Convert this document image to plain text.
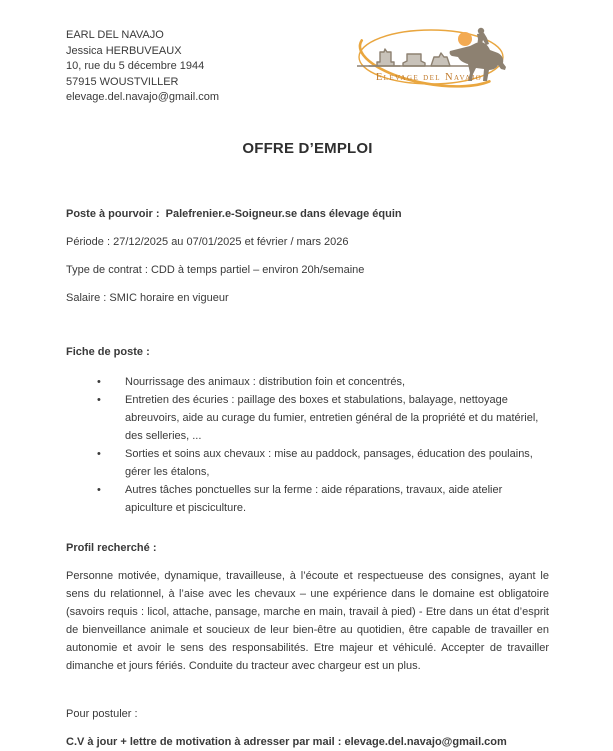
EARL DEL NAVAJO
Jessica HERBUVEAUX
10, rue du 5 décembre 1944
57915 WOUSTVILLER
elevage.del.navajo@gmail.com
Elevage del Navajo
OFFRE D’EMPLOI

Poste à pourvoir :  Palefrenier.e-Soigneur.se dans élevage équin

Période : 27/12/2025 au 07/01/2025 et février / mars 2026

Type de contrat : CDD à temps partiel – environ 20h/semaine

Salaire : SMIC horaire en vigueur

Fiche de poste :
• Nourrissage des animaux : distribution foin et concentrés,
• Entretien des écuries : paillage des boxes et stabulations, balayage, nettoyage abreuvoirs, aide au curage du fumier, entretien général de la propriété et du matériel, des selleries, ...
• Sorties et soins aux chevaux : mise au paddock, pansages, éducation des poulains, gérer les étalons,
• Autres tâches ponctuelles sur la ferme : aide réparations, travaux, aide atelier apiculture et pisciculture.
Profil recherché :

Personne motivée, dynamique, travailleuse, à l’écoute et respectueuse des consignes, ayant le sens du relationnel, à l’aise avec les chevaux – une expérience dans le domaine est obligatoire (savoirs requis : licol, attache, pansage, marche en main, travail à pied) - Etre dans un état d’esprit de bienveillance animale et soucieux de leur bien-être au quotidien, être capable de travailler en autonomie et avoir le sens des responsabilités. Etre majeur et véhiculé. Accepter de travailler dimanche et jours fériés. Conduite du tracteur avec chargeur est un plus.

Pour postuler :

C.V à jour + lettre de motivation à adresser par mail : elevage.del.navajo@gmail.com
